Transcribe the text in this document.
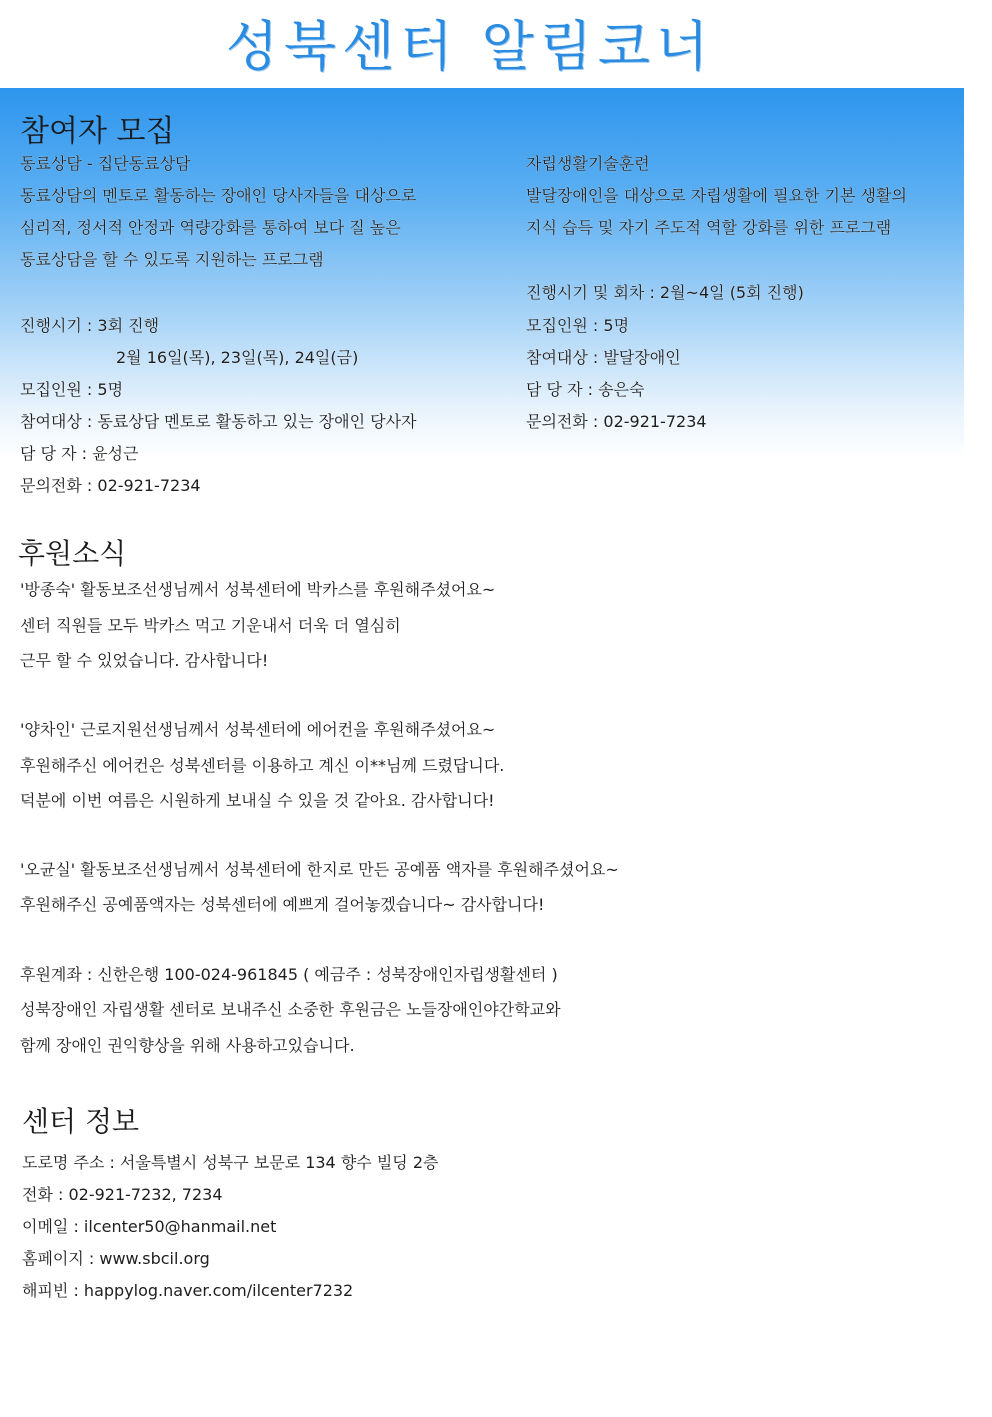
성북센터 알림코너
참여자 모집
동료상담 - 집단동료상담
동료상담의 멘토로 활동하는 장애인 당사자들을 대상으로
심리적, 정서적 안정과 역량강화를 통하여 보다 질 높은
동료상담을 할 수 있도록 지원하는 프로그램
진행시기 : 3회 진행
2월 16일(목), 23일(목), 24일(금)
모집인원 : 5명
참여대상 : 동료상담 멘토로 활동하고 있는 장애인 당사자
담 당 자 : 윤성근
문의전화 : 02-921-7234
자립생활기술훈련
발달장애인을 대상으로 자립생활에 필요한 기본 생활의
지식 습득 및 자기 주도적 역할 강화를 위한 프로그램
진행시기 및 회차 : 2월~4일 (5회 진행)
모집인원 : 5명
참여대상 : 발달장애인
담 당 자 : 송은숙
문의전화 : 02-921-7234
후원소식
'방종숙' 활동보조선생님께서 성북센터에 박카스를 후원해주셨어요~
센터 직원들 모두 박카스 먹고 기운내서 더욱 더 열심히
근무 할 수 있었습니다. 감사합니다!
'양차인' 근로지원선생님께서 성북센터에 에어컨을 후원해주셨어요~
후원해주신 에어컨은 성북센터를 이용하고 계신 이**님께 드렸답니다.
덕분에 이번 여름은 시원하게 보내실 수 있을 것 같아요. 감사합니다!
'오균실' 활동보조선생님께서 성북센터에 한지로 만든 공예품 액자를 후원해주셨어요~
후원해주신 공예품액자는 성북센터에 예쁘게 걸어놓겠습니다~ 감사합니다!
후원계좌 : 신한은행 100-024-961845 ( 예금주 : 성북장애인자립생활센터 )
성북장애인 자립생활 센터로 보내주신 소중한 후원금은 노들장애인야간학교와
함께 장애인 권익향상을 위해 사용하고있습니다.
센터 정보
도로명 주소 : 서울특별시 성북구 보문로 134 향수 빌딩 2층
전화 : 02-921-7232, 7234
이메일 : ilcenter50@hanmail.net
홈페이지 : www.sbcil.org
해피빈 : happylog.naver.com/ilcenter7232
